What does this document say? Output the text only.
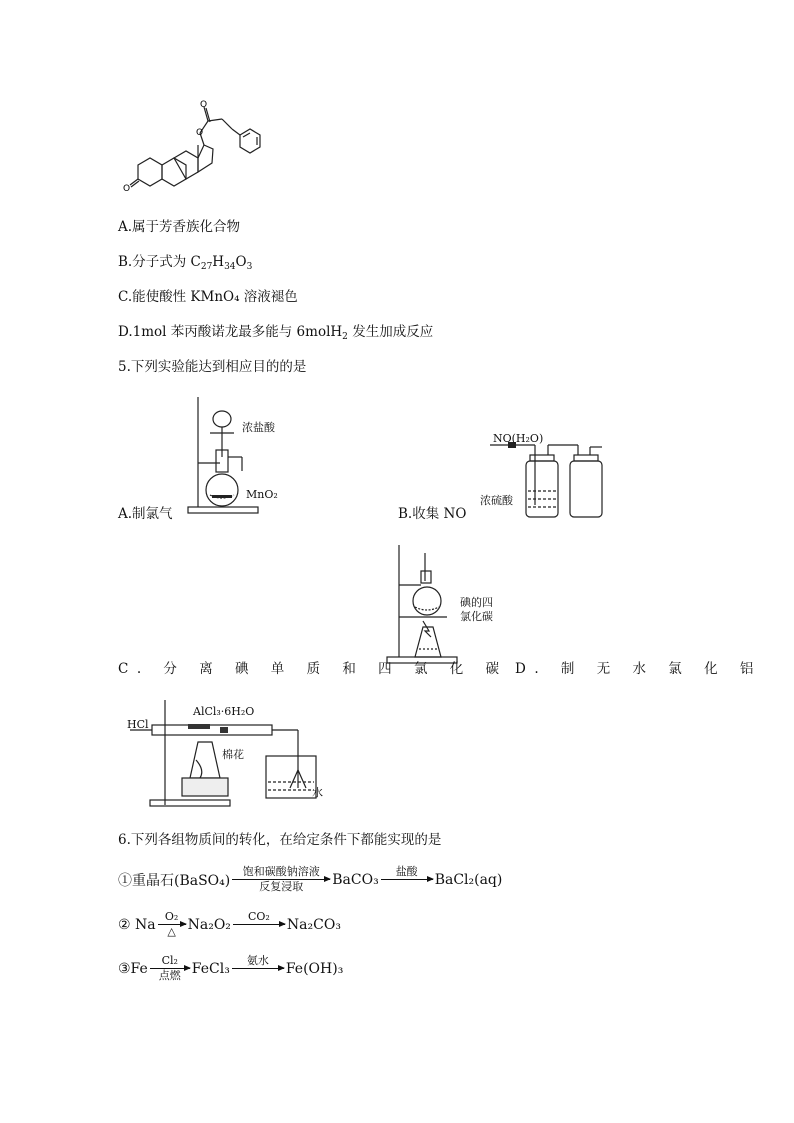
O
O
O
A.属于芳香族化合物
B.分子式为 $C_{27}H_{34}O_3$
C.能使酸性 KMnO₄ 溶液褪色
D.1mol 苯丙酸诺龙最多能与 6molH$_2$ 发生加成反应
5.下列实验能达到相应目的的是
浓盐酸
MnO₂
A.制氯气
NO(H₂O)
浓硫酸
B.收集 NO
碘的四
氯化碳
C. 分 离 碘 单 质 和 四 氯 化 碳 D. 制 无 水 氯 化 铝
HCl
AlCl₃·6H₂O
棉花
水
6.下列各组物质间的转化，在给定条件下都能实现的是
①重晶石(BaSO₄)
饱和碳酸钠溶液
反复浸取 BaCO₃ 盐酸
BaCl₂(aq)
② Na O₂
△ Na₂O₂ CO₂
Na₂CO₃
③Fe Cl₂
点燃 FeCl₃ 氨水
Fe(OH)₃
